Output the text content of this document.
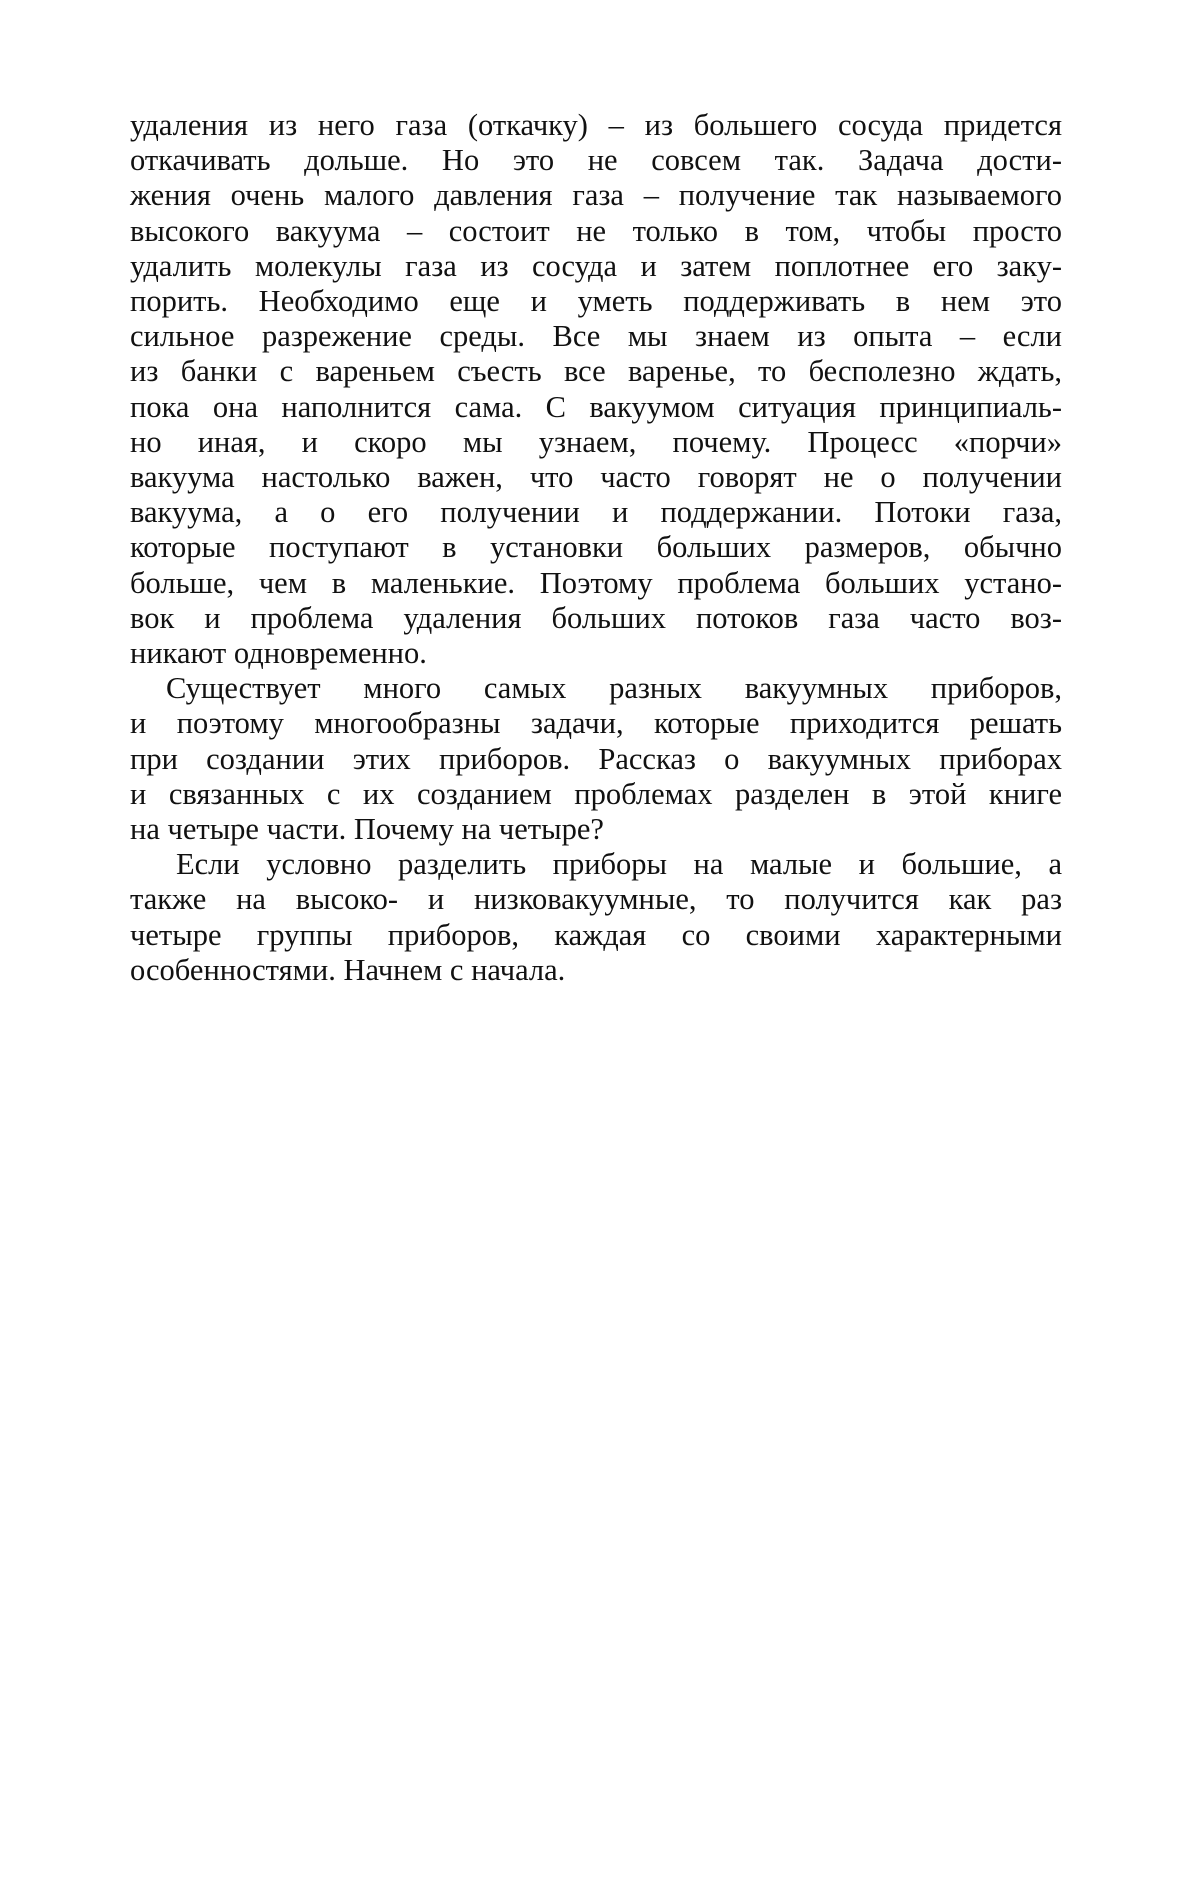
удаления из него газа (откачку) – из большего сосуда придется
откачивать дольше. Но это не совсем так. Задача дости-
жения очень малого давления газа – получение так называемого
высокого вакуума – состоит не только в том, чтобы просто
удалить молекулы газа из сосуда и затем поплотнее его заку-
порить. Необходимо еще и уметь поддерживать в нем это
сильное разрежение среды. Все мы знаем из опыта – если
из банки с вареньем съесть все варенье, то бесполезно ждать,
пока она наполнится сама. С вакуумом ситуация принципиаль-
но иная, и скоро мы узнаем, почему. Процесс «порчи»
вакуума настолько важен, что часто говорят не о получении
вакуума, а о его получении и поддержании. Потоки газа,
которые поступают в установки больших размеров, обычно
больше, чем в маленькие. Поэтому проблема больших устано-
вок и проблема удаления больших потоков газа часто воз-
никают одновременно.

Существует много самых разных вакуумных приборов,
и поэтому многообразны задачи, которые приходится решать
при создании этих приборов. Рассказ о вакуумных приборах
и связанных с их созданием проблемах разделен в этой книге
на четыре части. Почему на четыре?

Если условно разделить приборы на малые и большие, а
также на высоко- и низковакуумные, то получится как раз
четыре группы приборов, каждая со своими характерными
особенностями. Начнем с начала.
